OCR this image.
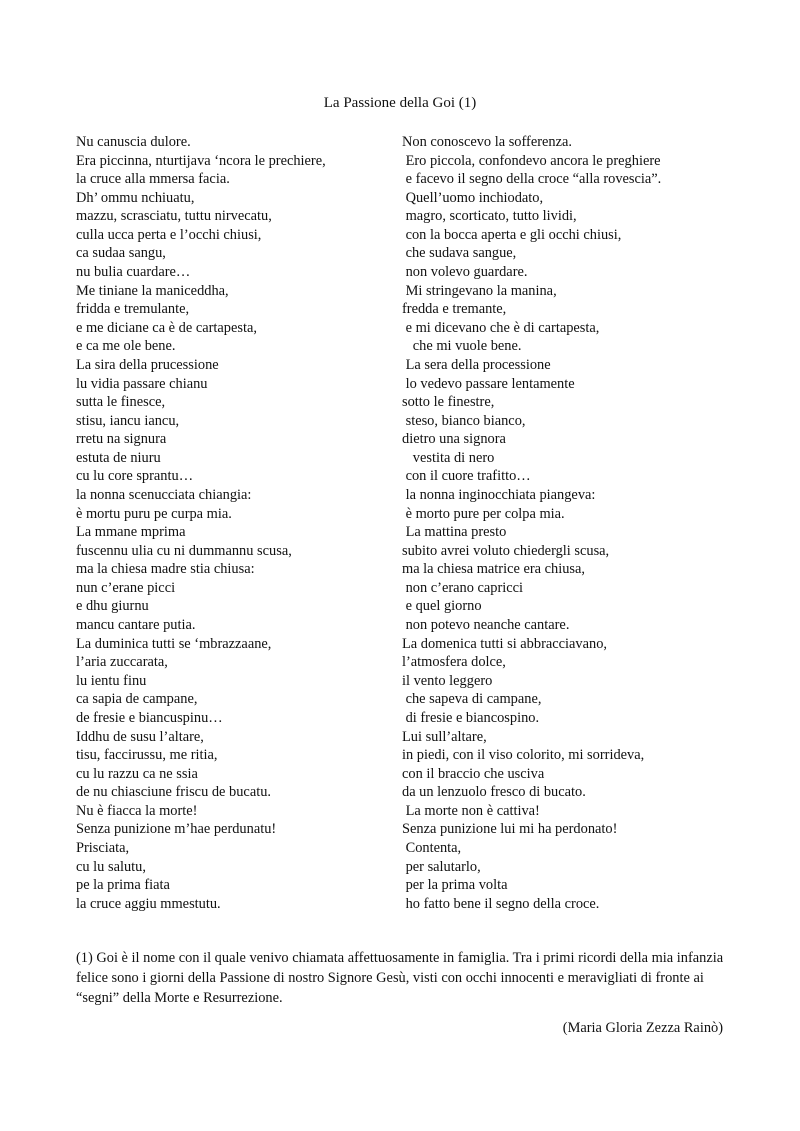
La Passione della Goi (1)
Nu canuscia dulore.
Era piccinna, nturtijava ‘ncora le prechiere,
la cruce alla mmersa facia.
Dh’ ommu nchiuatu,
mazzu, scrasciatu, tuttu nirvecatu,
culla ucca perta e l’occhi chiusi,
ca sudaa sangu,
nu bulia cuardare…
Me tiniane la maniceddha,
fridda e tremulante,
e me diciane ca è de cartapesta,
e ca me ole bene.
La sira della prucessione
lu vidia passare chianu
sutta le finesce,
stisu, iancu iancu,
rretu na signura
estuta de niuru
cu lu core sprantu…
la nonna scenucciata chiangia:
è mortu puru pe curpa mia.
La mmane mprima
fuscennu ulia cu ni dummannu scusa,
ma la chiesa madre stia chiusa:
nun c’erane picci
e dhu giurnu
mancu cantare putia.
La duminica tutti se ‘mbrazzaane,
l’aria zuccarata,
lu ientu finu
ca sapia de campane,
de fresie e biancuspinu…
Iddhu de susu l’altare,
tisu, faccirussu, me ritia,
cu lu razzu ca ne ssia
de nu chiasciune friscu de bucatu.
Nu è fiacca la morte!
Senza punizione m’hae perdunatu!
Prisciata,
cu lu salutu,
pe la prima fiata
la cruce aggiu mmestutu.
Non conoscevo la sofferenza.
Ero piccola, confondevo ancora le preghiere
e facevo il segno della croce “alla rovescia”.
Quell’uomo inchiodato,
magro, scorticato, tutto lividi,
con la bocca aperta e gli occhi chiusi,
che sudava sangue,
non volevo guardare.
Mi stringevano la manina,
fredda e tremante,
e mi dicevano che è di cartapesta,
che mi vuole bene.
La sera della processione
lo vedevo passare lentamente
sotto le finestre,
steso, bianco bianco,
dietro una signora
vestita di nero
con il cuore trafitto…
la nonna inginocchiata piangeva:
è morto pure per colpa mia.
La mattina presto
subito avrei voluto chiedergli scusa,
ma la chiesa matrice era chiusa,
non c’erano capricci
e quel giorno
non potevo neanche cantare.
La domenica tutti si abbracciavano,
l’atmosfera dolce,
il vento leggero
che sapeva di campane,
di fresie e biancospino.
Lui sull’altare,
in piedi, con il viso colorito, mi sorrideva,
con il braccio che usciva
da un lenzuolo fresco di bucato.
La morte non è cattiva!
Senza punizione lui mi ha perdonato!
Contenta,
per salutarlo,
per la prima volta
ho fatto bene il segno della croce.

(1) Goi è il nome con il quale venivo chiamata affettuosamente in famiglia. Tra i primi ricordi della mia infanzia felice sono i giorni della Passione di nostro Signore Gesù, visti con occhi innocenti e meravigliati di fronte ai “segni” della Morte e Resurrezione.

(Maria Gloria Zezza Rainò)
